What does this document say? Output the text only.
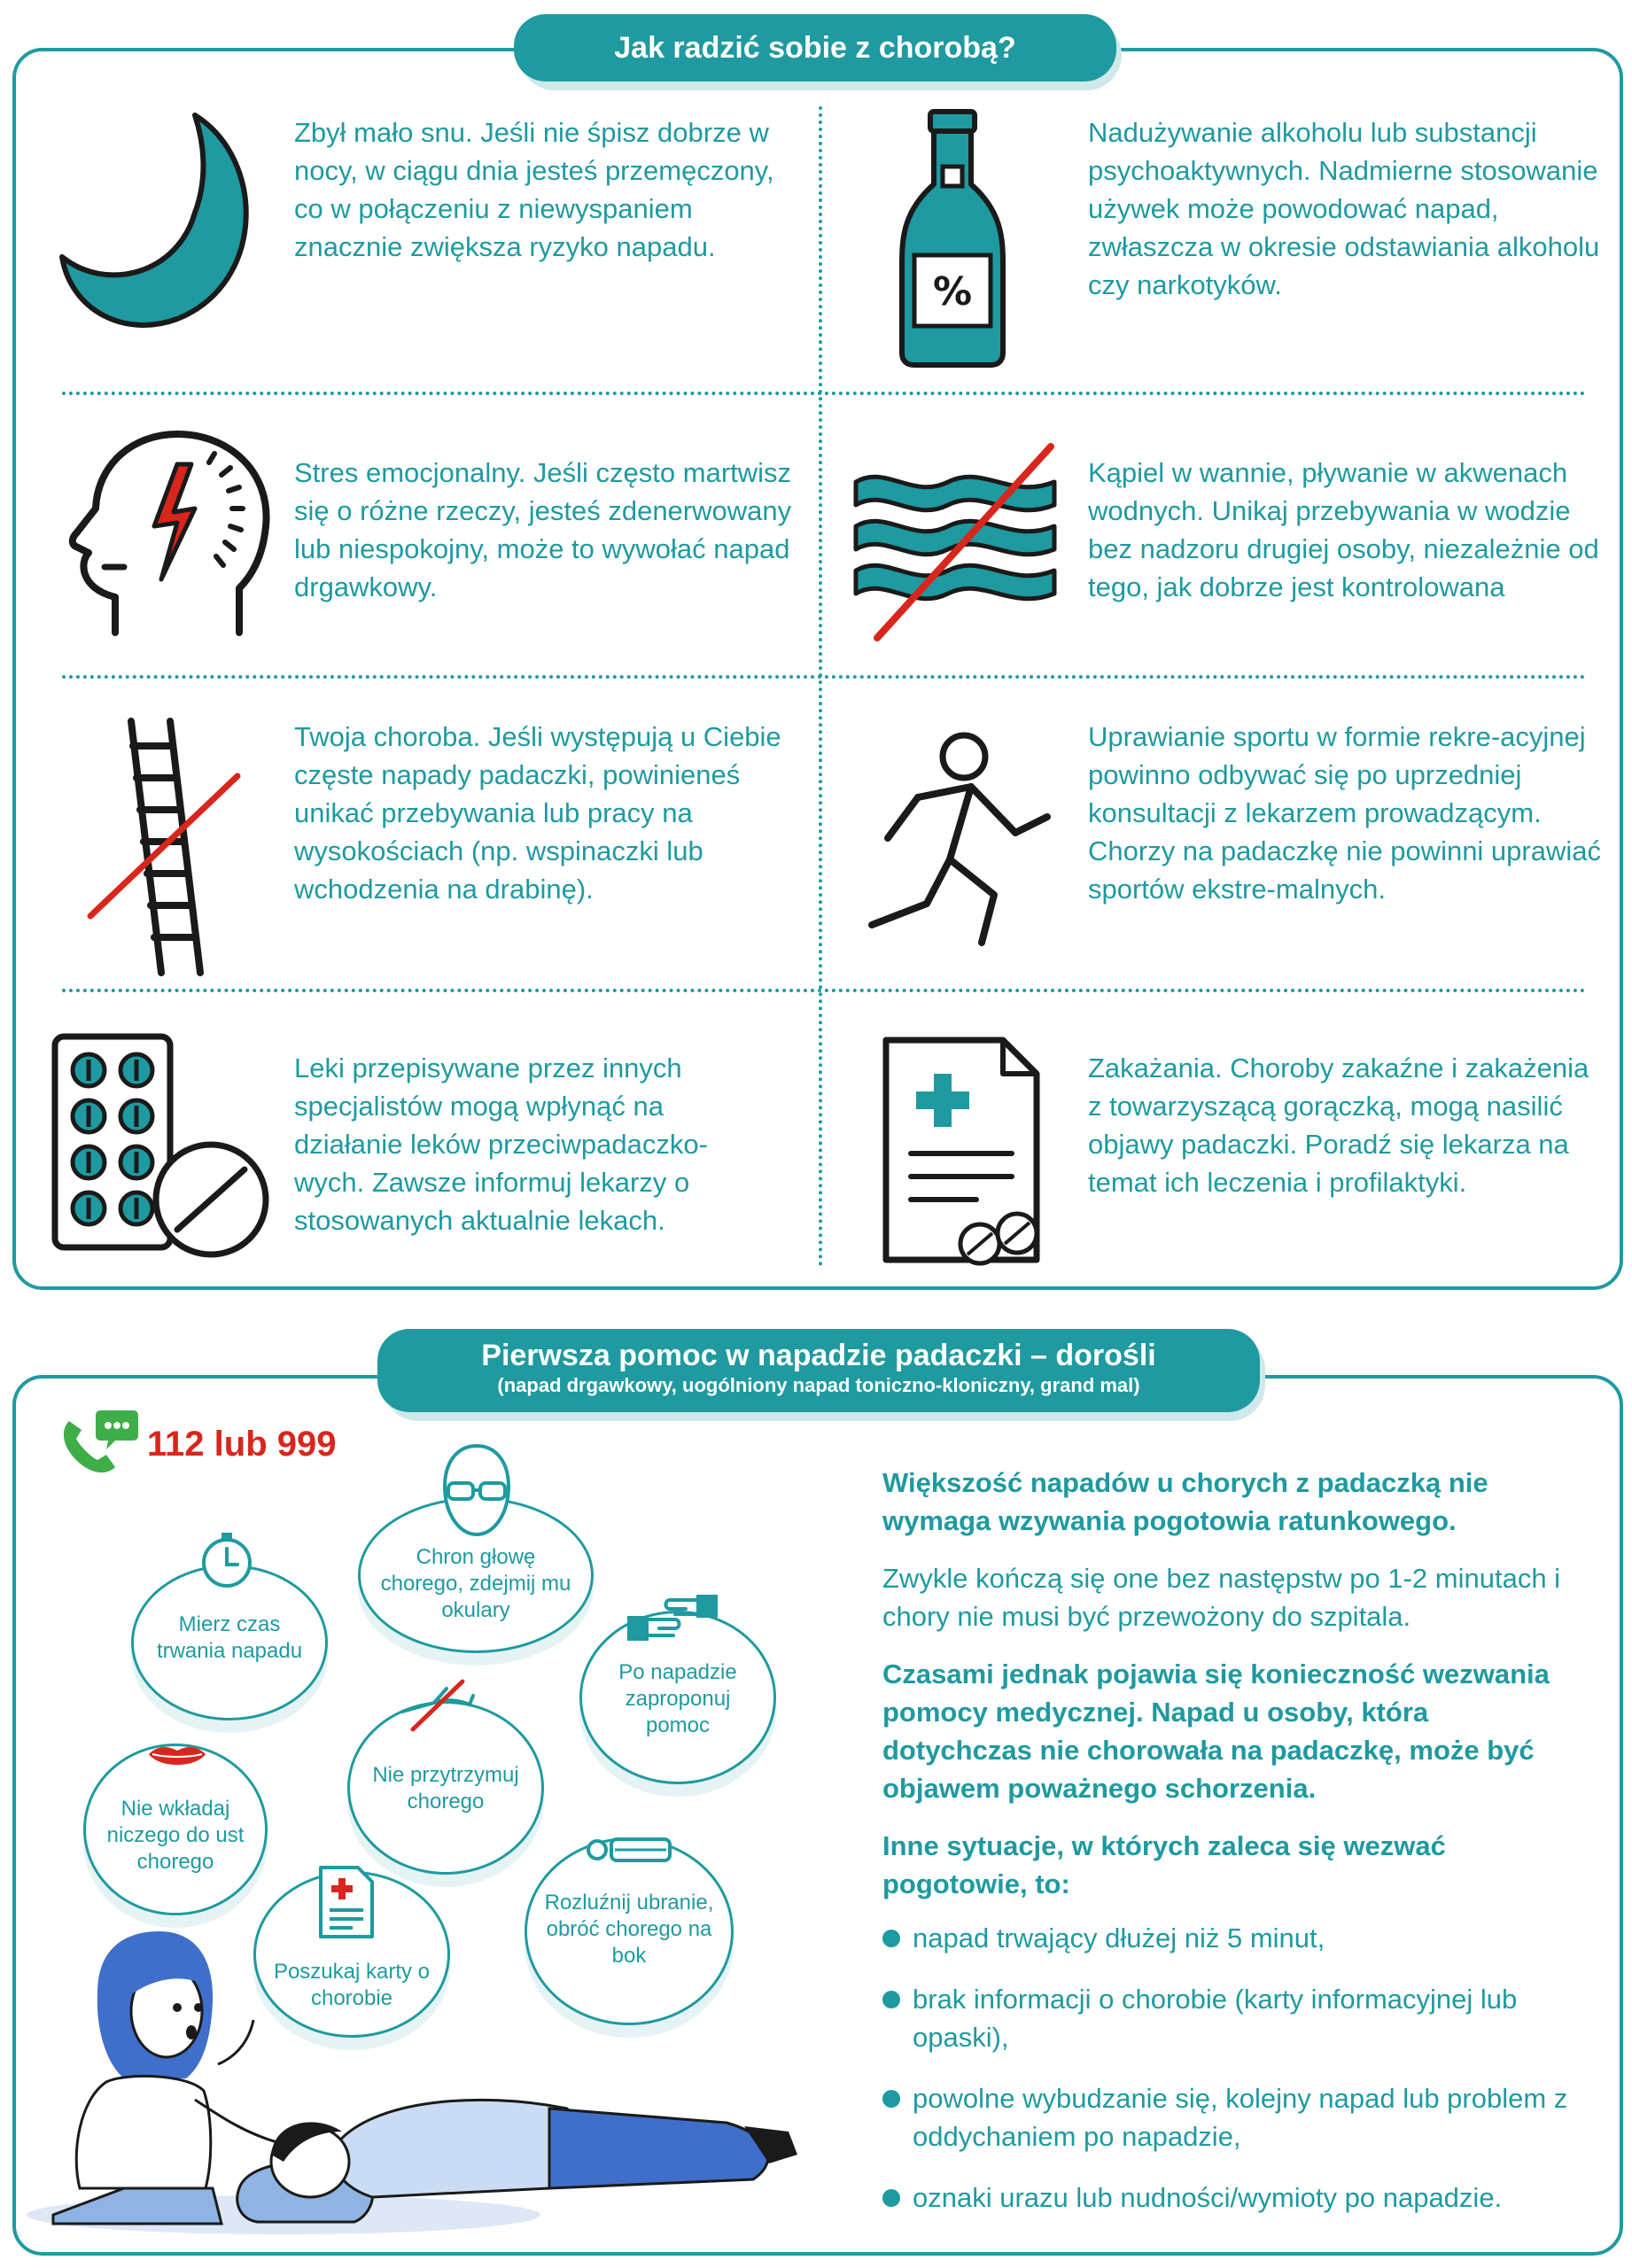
Jak radzić sobie z chorobą?
Zbył mało snu. Jeśli nie śpisz dobrze w nocy, w ciągu dnia jesteś przemęczony, co w połączeniu z niewyspaniem znacznie zwiększa ryzyko napadu.
Nadużywanie alkoholu lub substancji psychoaktywnych. Nadmierne stosowanie używek może powodować napad, zwłaszcza w okresie odstawiania alkoholu czy narkotyków.
Stres emocjonalny. Jeśli często martwisz się o różne rzeczy, jesteś zdenerwowany lub niespokojny, może to wywołać napad drgawkowy.
Kąpiel w wannie, pływanie w akwenach wodnych. Unikaj przebywania w wodzie bez nadzoru drugiej osoby, niezależnie od tego, jak dobrze jest kontrolowana
Twoja choroba. Jeśli występują u Ciebie częste napady padaczki, powinieneś unikać przebywania lub pracy na wysokościach (np. wspinaczki lub wchodzenia na drabinę).
Uprawianie sportu w formie rekre-acyjnej powinno odbywać się po uprzedniej konsultacji z lekarzem prowadzącym. Chorzy na padaczkę nie powinni uprawiać sportów ekstre-malnych.
Leki przepisywane przez innych specjalistów mogą wpłynąć na działanie leków przeciwpadaczko-wych. Zawsze informuj lekarzy o stosowanych aktualnie lekach.
Zakażania. Choroby zakaźne i zakażenia z towarzyszącą gorączką, mogą nasilić objawy padaczki. Poradź się lekarza na temat ich leczenia i profilaktyki.
%
Pierwsza pomoc w napadzie padaczki – dorośli
(napad drgawkowy, uogólniony napad toniczno-kloniczny, grand mal)
112 lub 999
Mierz czas trwania napadu
Chron głowę chorego, zdejmij mu okulary
Po napadzie zaproponuj pomoc
Nie przytrzymuj chorego
Nie wkładaj niczego do ust chorego
Poszukaj karty o chorobie
Rozluźnij ubranie, obróć chorego na bok

Większość napadów u chorych z padaczką nie wymaga wzywania pogotowia ratunkowego.

Zwykle kończą się one bez następstw po 1-2 minutach i chory nie musi być przewożony do szpitala.

Czasami jednak pojawia się konieczność wezwania pomocy medycznej. Napad u osoby, która dotychczas nie chorowała na padaczkę, może być objawem poważnego schorzenia.

Inne sytuacje, w których zaleca się wezwać pogotowie, to:

napad trwający dłużej niż 5 minut,
brak informacji o chorobie (karty informacyjnej lub opaski),
powolne wybudzanie się, kolejny napad lub problem z oddychaniem po napadzie,
oznaki urazu lub nudności/wymioty po napadzie.
